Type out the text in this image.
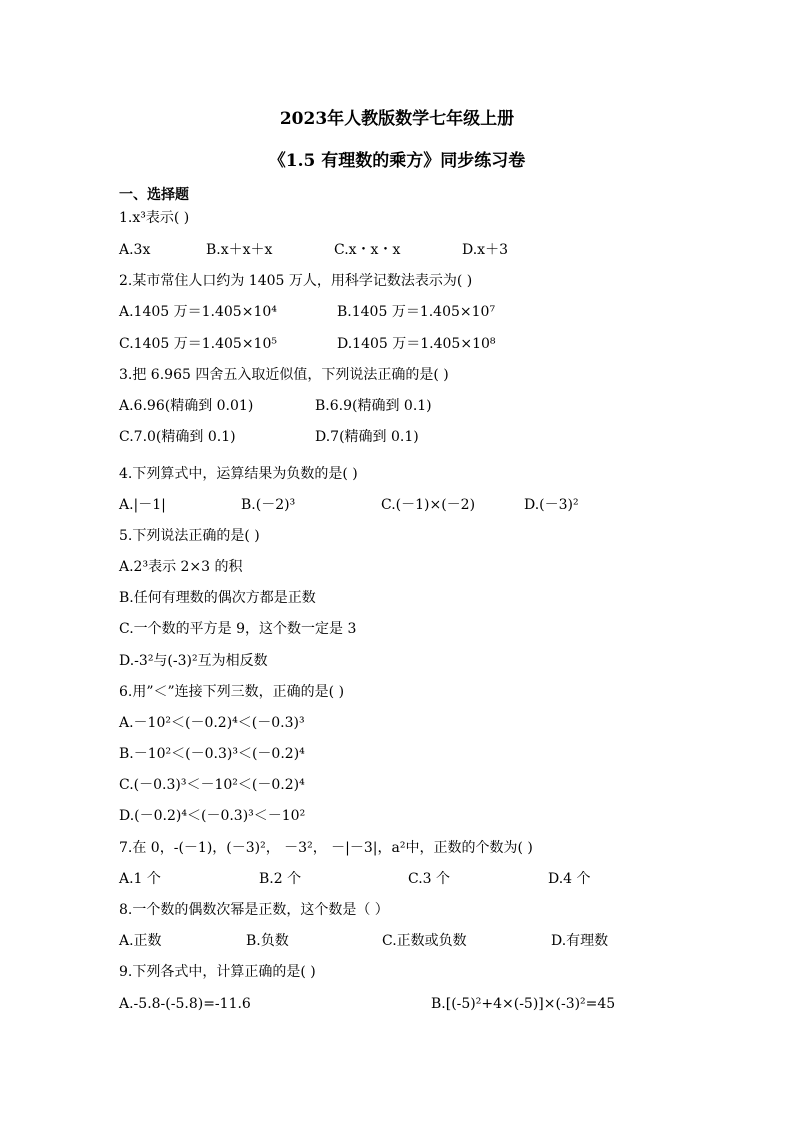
2023年人教版数学七年级上册
《1.5 有理数的乘方》同步练习卷
一、选择题
1.x³表示( )
A.3x	B.x＋x＋x	C.x・x・x	D.x＋3
2.某市常住人口约为 1405 万人，用科学记数法表示为( )
A.1405 万＝1.405×10⁴	B.1405 万＝1.405×10⁷
C.1405 万＝1.405×10⁵	D.1405 万＝1.405×10⁸
3.把 6.965 四舍五入取近似值，下列说法正确的是( )
A.6.96(精确到 0.01)	B.6.9(精确到 0.1)
C.7.0(精确到 0.1)	D.7(精确到 0.1)
4.下列算式中，运算结果为负数的是( )
A.|－1|	B.(－2)³	C.(－1)×(－2)	D.(－3)²
5.下列说法正确的是( )
A.2³表示 2×3 的积
B.任何有理数的偶次方都是正数
C.一个数的平方是 9，这个数一定是 3
D.-3²与(-3)²互为相反数
6.用”＜”连接下列三数，正确的是( )
A.－10²＜(－0.2)⁴＜(－0.3)³
B.－10²＜(－0.3)³＜(－0.2)⁴
C.(－0.3)³＜－10²＜(－0.2)⁴
D.(－0.2)⁴＜(－0.3)³＜－10²
7.在 0，-(－1)，(－3)²， －3²， －|－3|，a²中，正数的个数为( )
A.1 个	B.2 个	C.3 个	D.4 个
8.一个数的偶数次幂是正数，这个数是（ ）
A.正数	B.负数	C.正数或负数	D.有理数
9.下列各式中，计算正确的是( )
A.-5.8-(-5.8)=-11.6	B.[(-5)²+4×(-5)]×(-3)²=45
